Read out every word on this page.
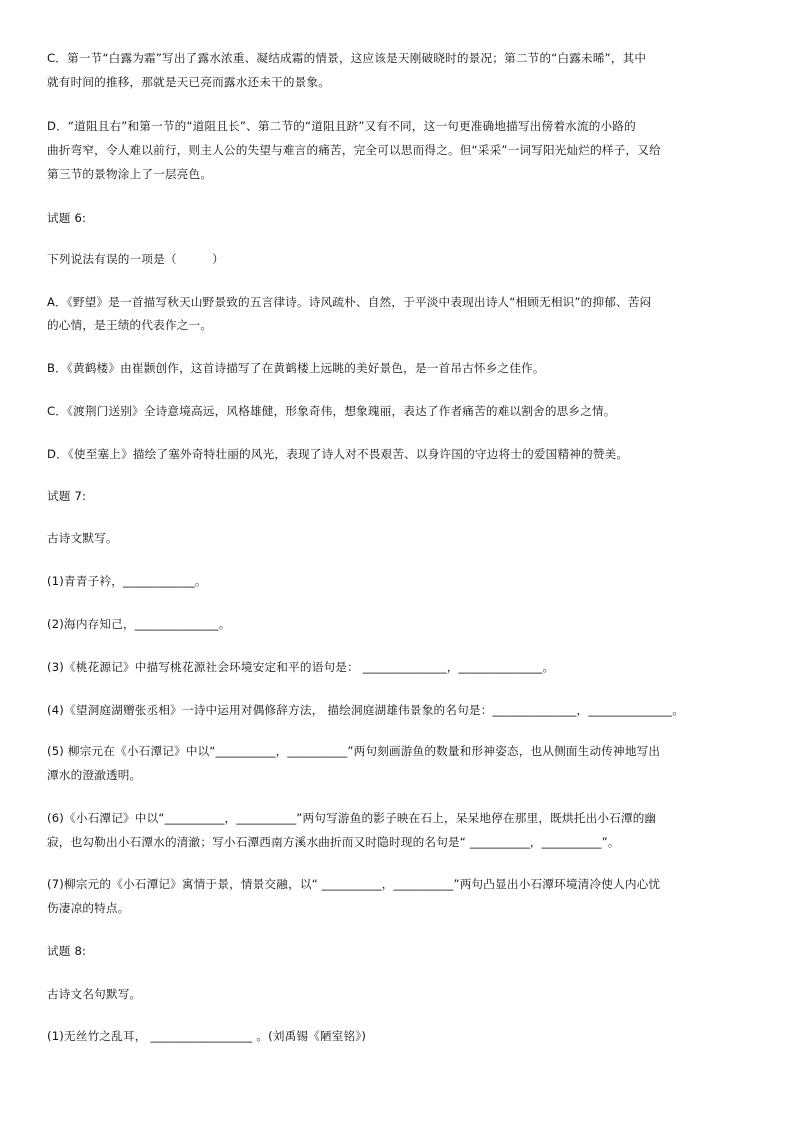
C．第一节“白露为霜”写出了露水浓重、凝结成霜的情景，这应该是天刚破晓时的景况；第二节的“白露未晞”，其中
就有时间的推移，那就是天已亮而露水还未干的景象。
D．“道阻且右”和第一节的“道阻且长”、第二节的“道阻且跻”又有不同，这一句更准确地描写出傍着水流的小路的
曲折弯窄，令人难以前行，则主人公的失望与难言的痛苦，完全可以思而得之。但“采采”一词写阳光灿烂的样子，又给
第三节的景物涂上了一层亮色。
试题 6:
下列说法有误的一项是（　　　）
A．《野望》是一首描写秋天山野景致的五言律诗。诗风疏朴、自然，于平淡中表现出诗人“相顾无相识”的抑郁、苦闷
的心情，是王绩的代表作之一。
B．《黄鹤楼》由崔颢创作，这首诗描写了在黄鹤楼上远眺的美好景色，是一首吊古怀乡之佳作。
C．《渡荆门送别》全诗意境高远，风格雄健，形象奇伟，想象瑰丽，表达了作者痛苦的难以割舍的思乡之情。
D．《使至塞上》描绘了塞外奇特壮丽的风光，表现了诗人对不畏艰苦、以身许国的守边将士的爱国精神的赞美。
试题 7:
古诗文默写。
(1)青青子衿，____________。
(2)海内存知己，______________。
(3)《桃花源记》中描写桃花源社会环境安定和平的语句是： ______________，______________。
(4)《望洞庭湖赠张丞相》一诗中运用对偶修辞方法， 描绘洞庭湖雄伟景象的名句是：______________，______________。
(5) 柳宗元在《小石潭记》中以“__________，__________”两句刻画游鱼的数量和形神姿态，也从侧面生动传神地写出
潭水的澄澈透明。
(6)《小石潭记》中以“__________，__________”两句写游鱼的影子映在石上，呆呆地停在那里，既烘托出小石潭的幽
寂，也勾勒出小石潭水的清澈；写小石潭西南方溪水曲折而又时隐时现的名句是“ __________，__________”。
(7)柳宗元的《小石潭记》寓情于景，情景交融，以“ __________，__________”两句凸显出小石潭环境清冷使人内心忧
伤凄凉的特点。
试题 8:
古诗文名句默写。
(1)无丝竹之乱耳， _________________ 。(刘禹锡《陋室铭》)
